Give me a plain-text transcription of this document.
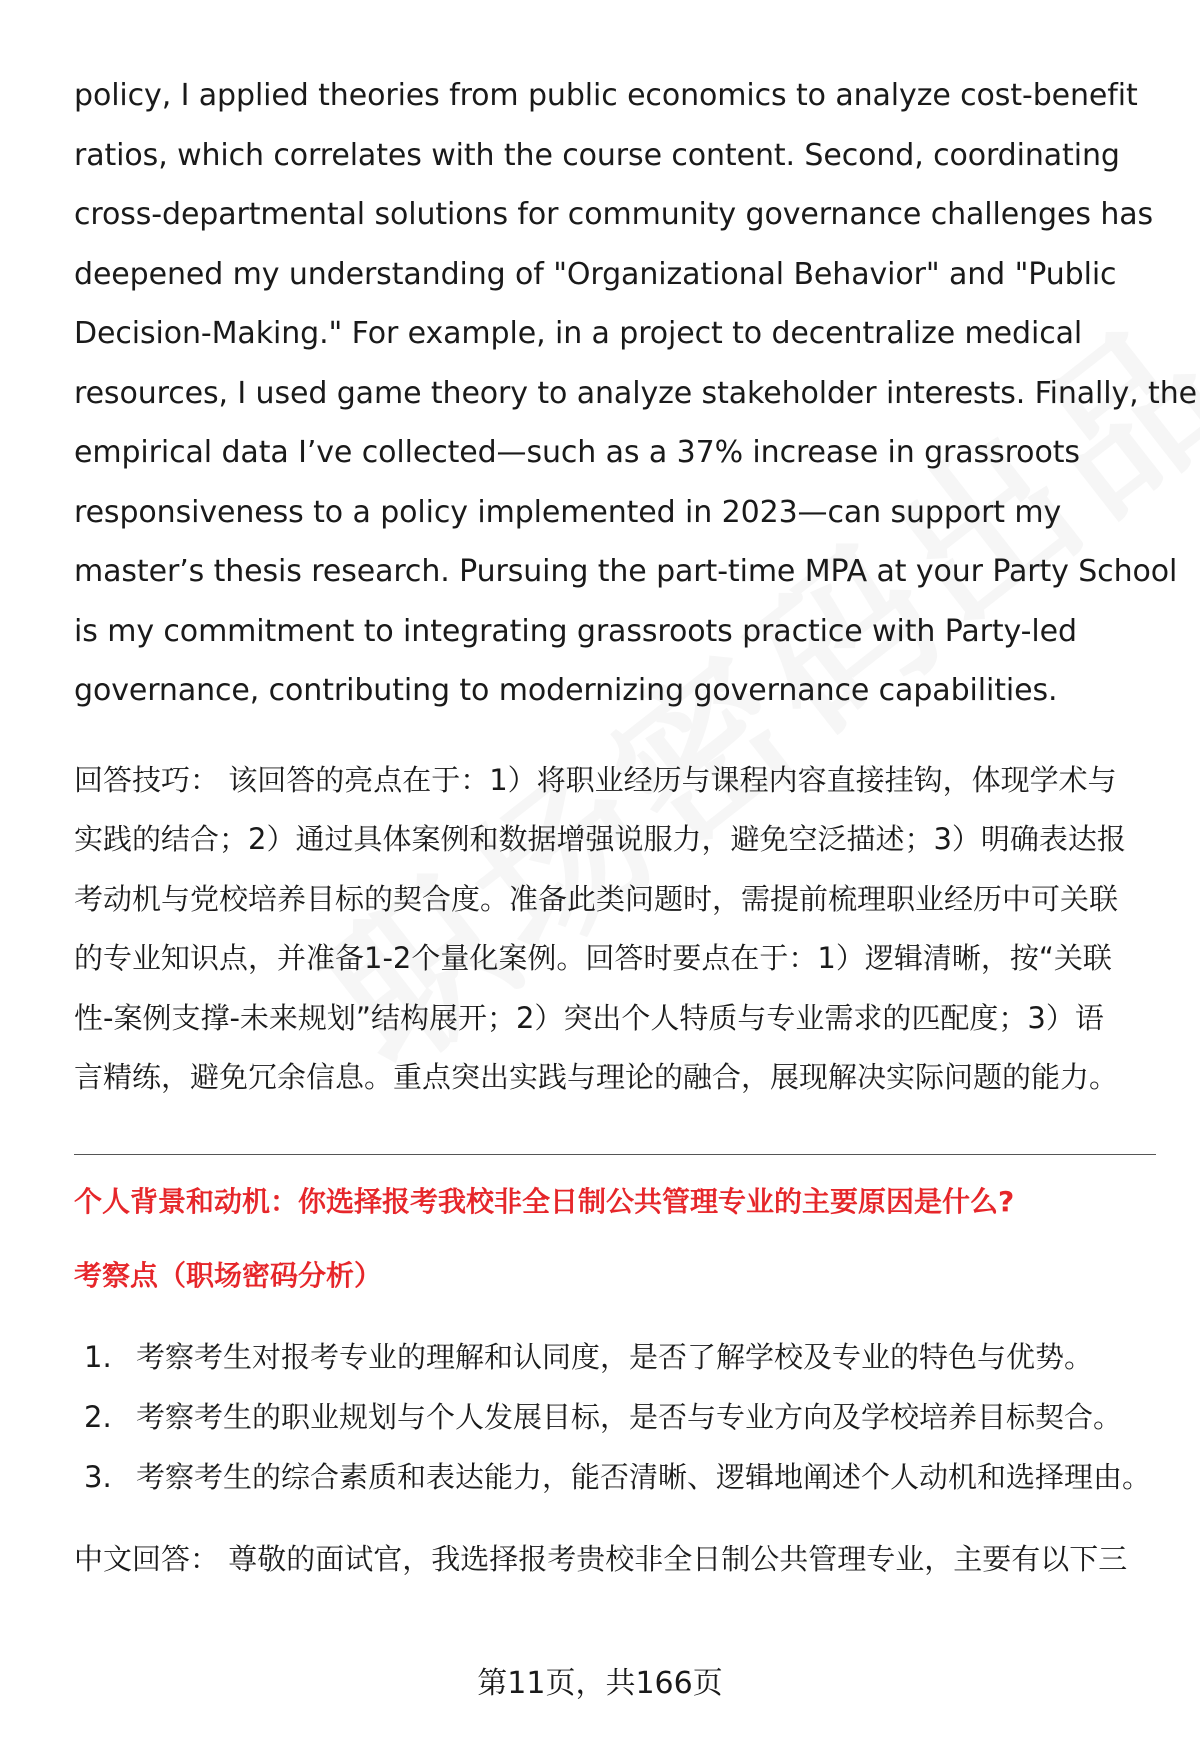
policy, I applied theories from public economics to analyze cost-benefit
ratios, which correlates with the course content. Second, coordinating
cross-departmental solutions for community governance challenges has
deepened my understanding of "Organizational Behavior" and "Public
Decision-Making." For example, in a project to decentralize medical
resources, I used game theory to analyze stakeholder interests. Finally, the
empirical data I’ve collected—such as a 37% increase in grassroots
responsiveness to a policy implemented in 2023—can support my
master’s thesis research. Pursuing the part-time MPA at your Party School
is my commitment to integrating grassroots practice with Party-led
governance, contributing to modernizing governance capabilities.

回答技巧： 该回答的亮点在于：1）将职业经历与课程内容直接挂钩，体现学术与
实践的结合；2）通过具体案例和数据增强说服力，避免空泛描述；3）明确表达报
考动机与党校培养目标的契合度。准备此类问题时，需提前梳理职业经历中可关联
的专业知识点，并准备1-2个量化案例。回答时要点在于：1）逻辑清晰，按“关联
性-案例支撑-未来规划”结构展开；2）突出个人特质与专业需求的匹配度；3）语
言精练，避免冗余信息。重点突出实践与理论的融合，展现解决实际问题的能力。

个人背景和动机：你选择报考我校非全日制公共管理专业的主要原因是什么?
考察点（职场密码分析）
1. 考察考生对报考专业的理解和认同度，是否了解学校及专业的特色与优势。

2. 考察考生的职业规划与个人发展目标，是否与专业方向及学校培养目标契合。

3. 考察考生的综合素质和表达能力，能否清晰、逻辑地阐述个人动机和选择理由。

中文回答： 尊敬的面试官，我选择报考贵校非全日制公共管理专业，主要有以下三

第11页，共166页
